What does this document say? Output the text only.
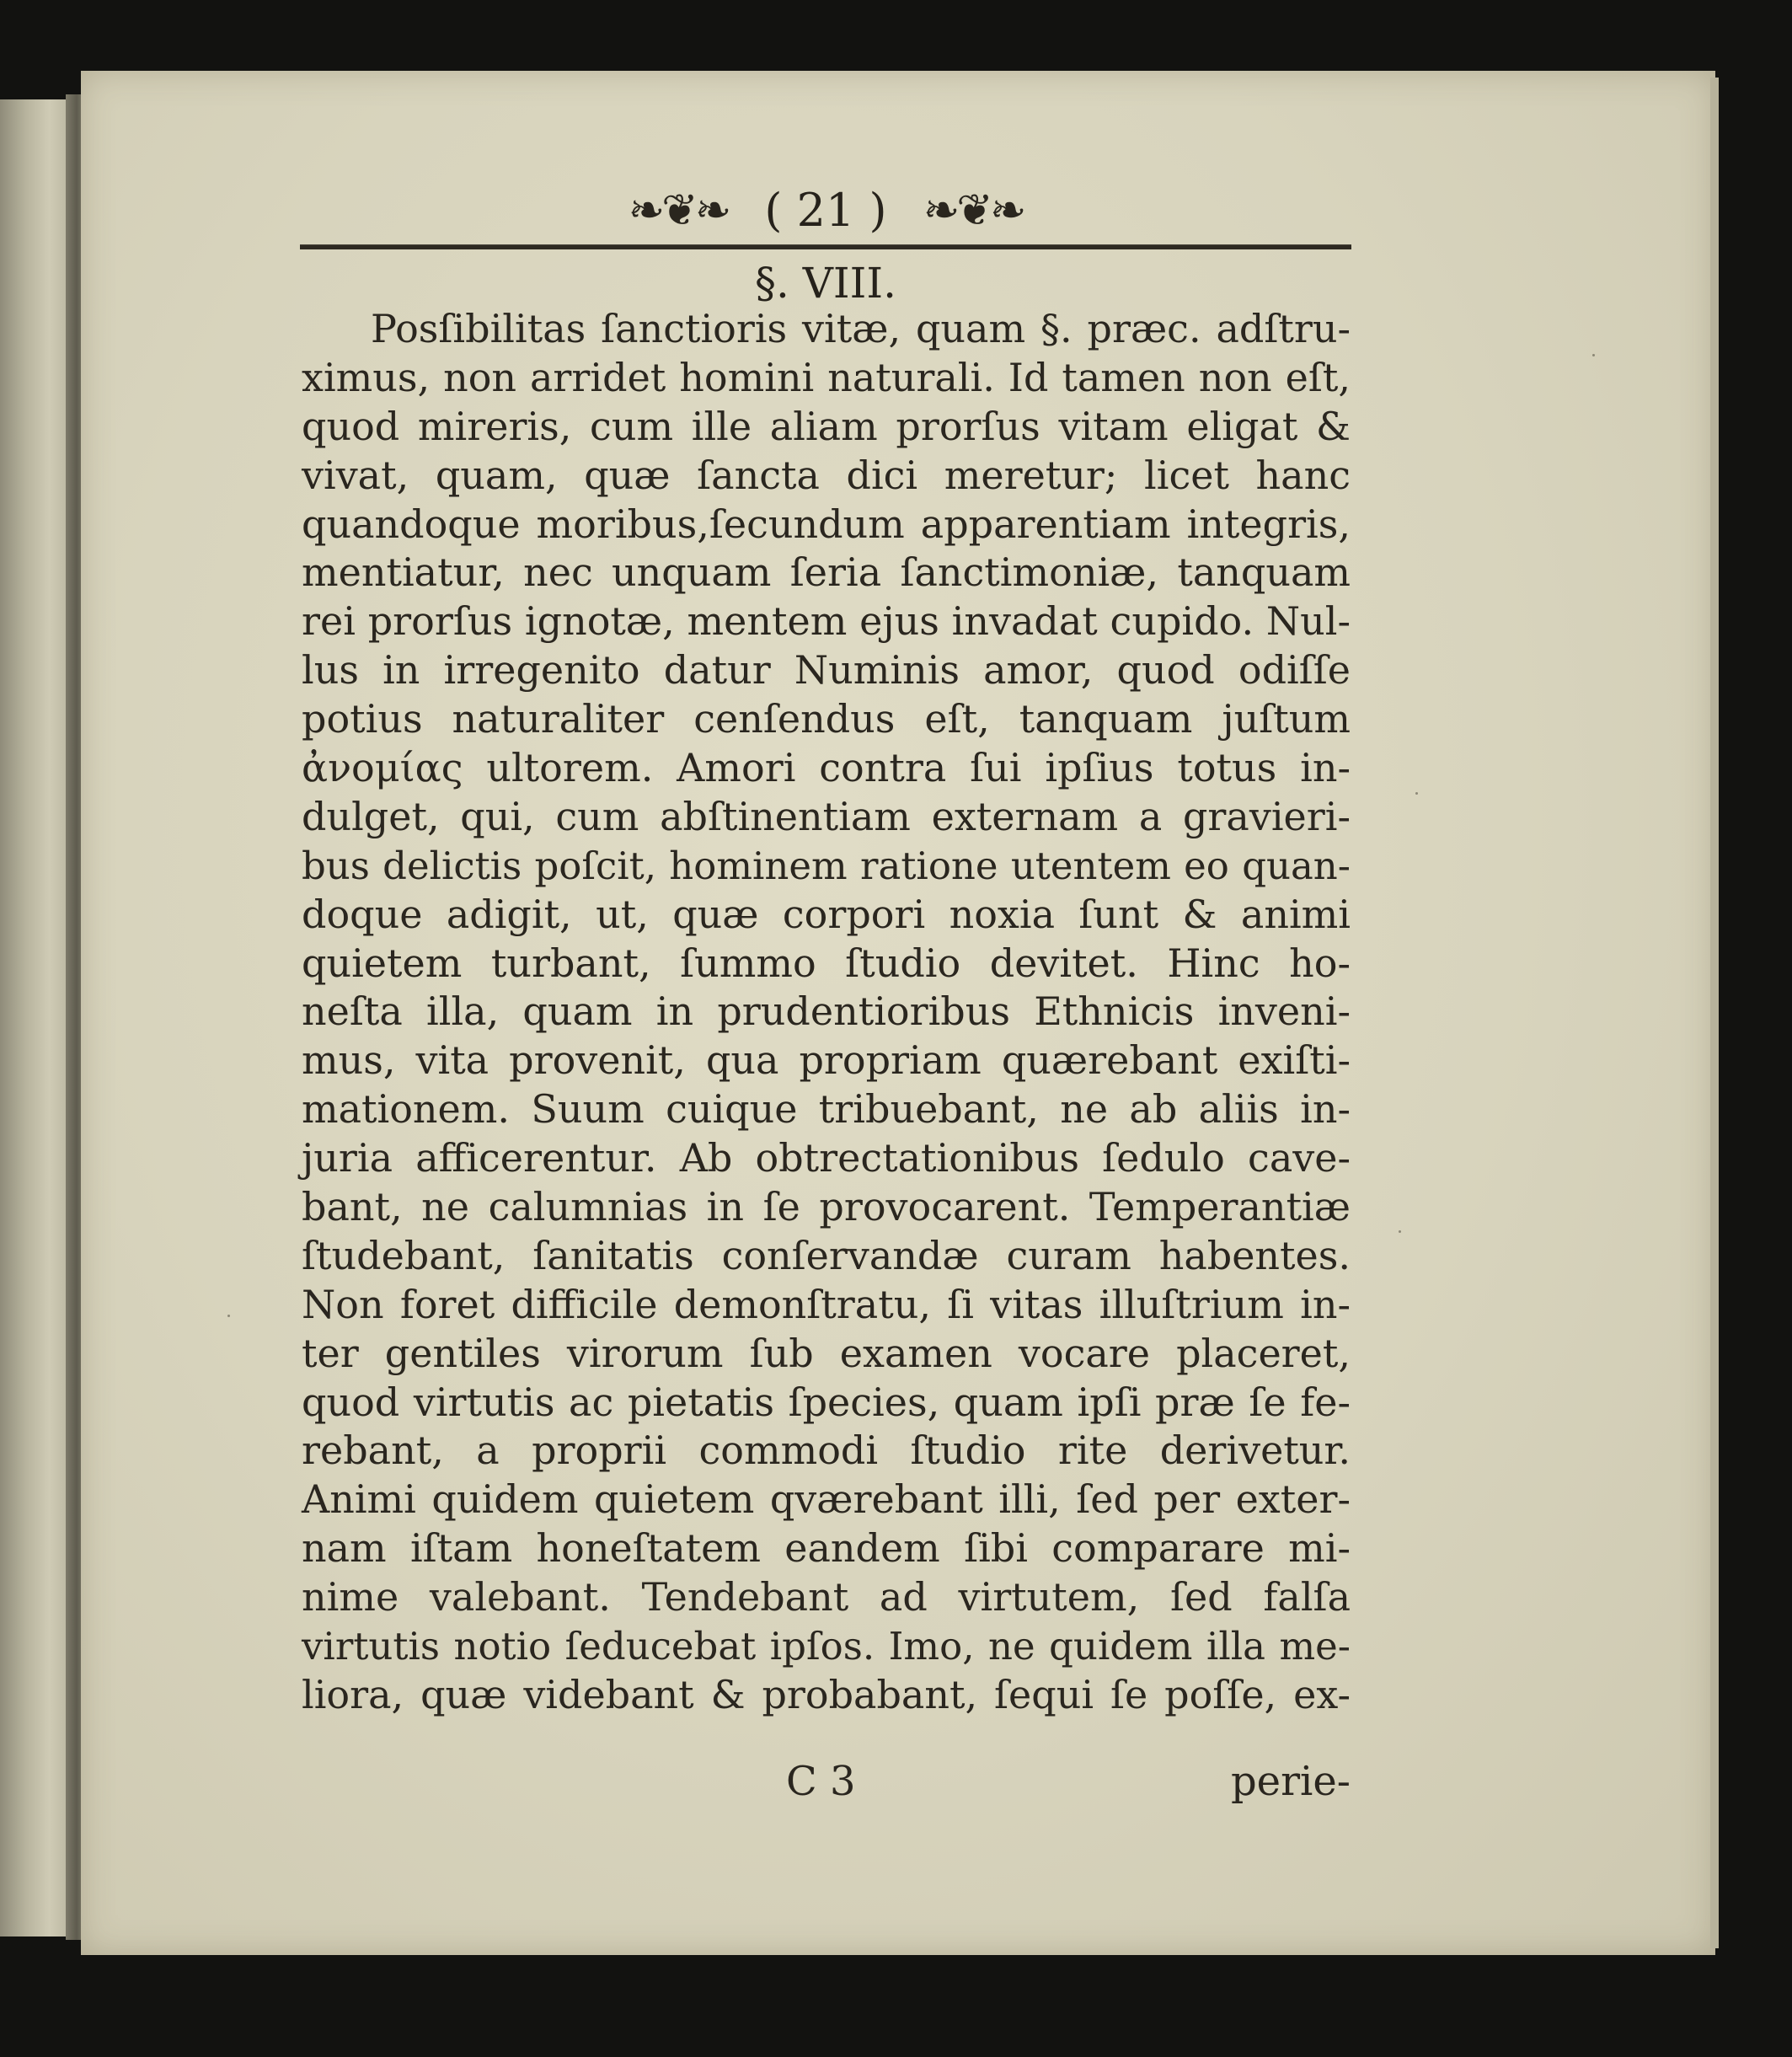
❧❦❧ ( 21 ) ❧❦❧
§. VIII.
Posſibilitas ſanctioris vitæ, quam §. præc. adſtru-
ximus, non arridet homini naturali. Id tamen non eſt,
quod mireris, cum ille aliam prorſus vitam eligat &
vivat, quam, quæ ſancta dici meretur; licet hanc
quandoque moribus,ſecundum apparentiam integris,
mentiatur, nec unquam ſeria ſanctimoniæ, tanquam
rei prorſus ignotæ, mentem ejus invadat cupido. Nul-
lus in irregenito datur Numinis amor, quod odiſſe
potius naturaliter cenſendus eſt, tanquam juſtum
ἀνομίας ultorem. Amori contra ſui ipſius totus in-
dulget, qui, cum abſtinentiam externam a gravieri-
bus delictis poſcit, hominem ratione utentem eo quan-
doque adigit, ut, quæ corpori noxia ſunt & animi
quietem turbant, ſummo ſtudio devitet. Hinc ho-
neſta illa, quam in prudentioribus Ethnicis inveni-
mus, vita provenit, qua propriam quærebant exiſti-
mationem. Suum cuique tribuebant, ne ab aliis in-
juria afficerentur. Ab obtrectationibus ſedulo cave-
bant, ne calumnias in ſe provocarent. Temperantiæ
ſtudebant, ſanitatis conſervandæ curam habentes.
Non foret difficile demonſtratu, ſi vitas illuſtrium in-
ter gentiles virorum ſub examen vocare placeret,
quod virtutis ac pietatis ſpecies, quam ipſi præ ſe fe-
rebant, a proprii commodi ſtudio rite derivetur.
Animi quidem quietem qværebant illi, ſed per exter-
nam iſtam honeſtatem eandem ſibi comparare mi-
nime valebant. Tendebant ad virtutem, ſed falſa
virtutis notio ſeducebat ipſos. Imo, ne quidem illa me-
liora, quæ videbant & probabant, ſequi ſe poſſe, ex-
C 3	perie-
